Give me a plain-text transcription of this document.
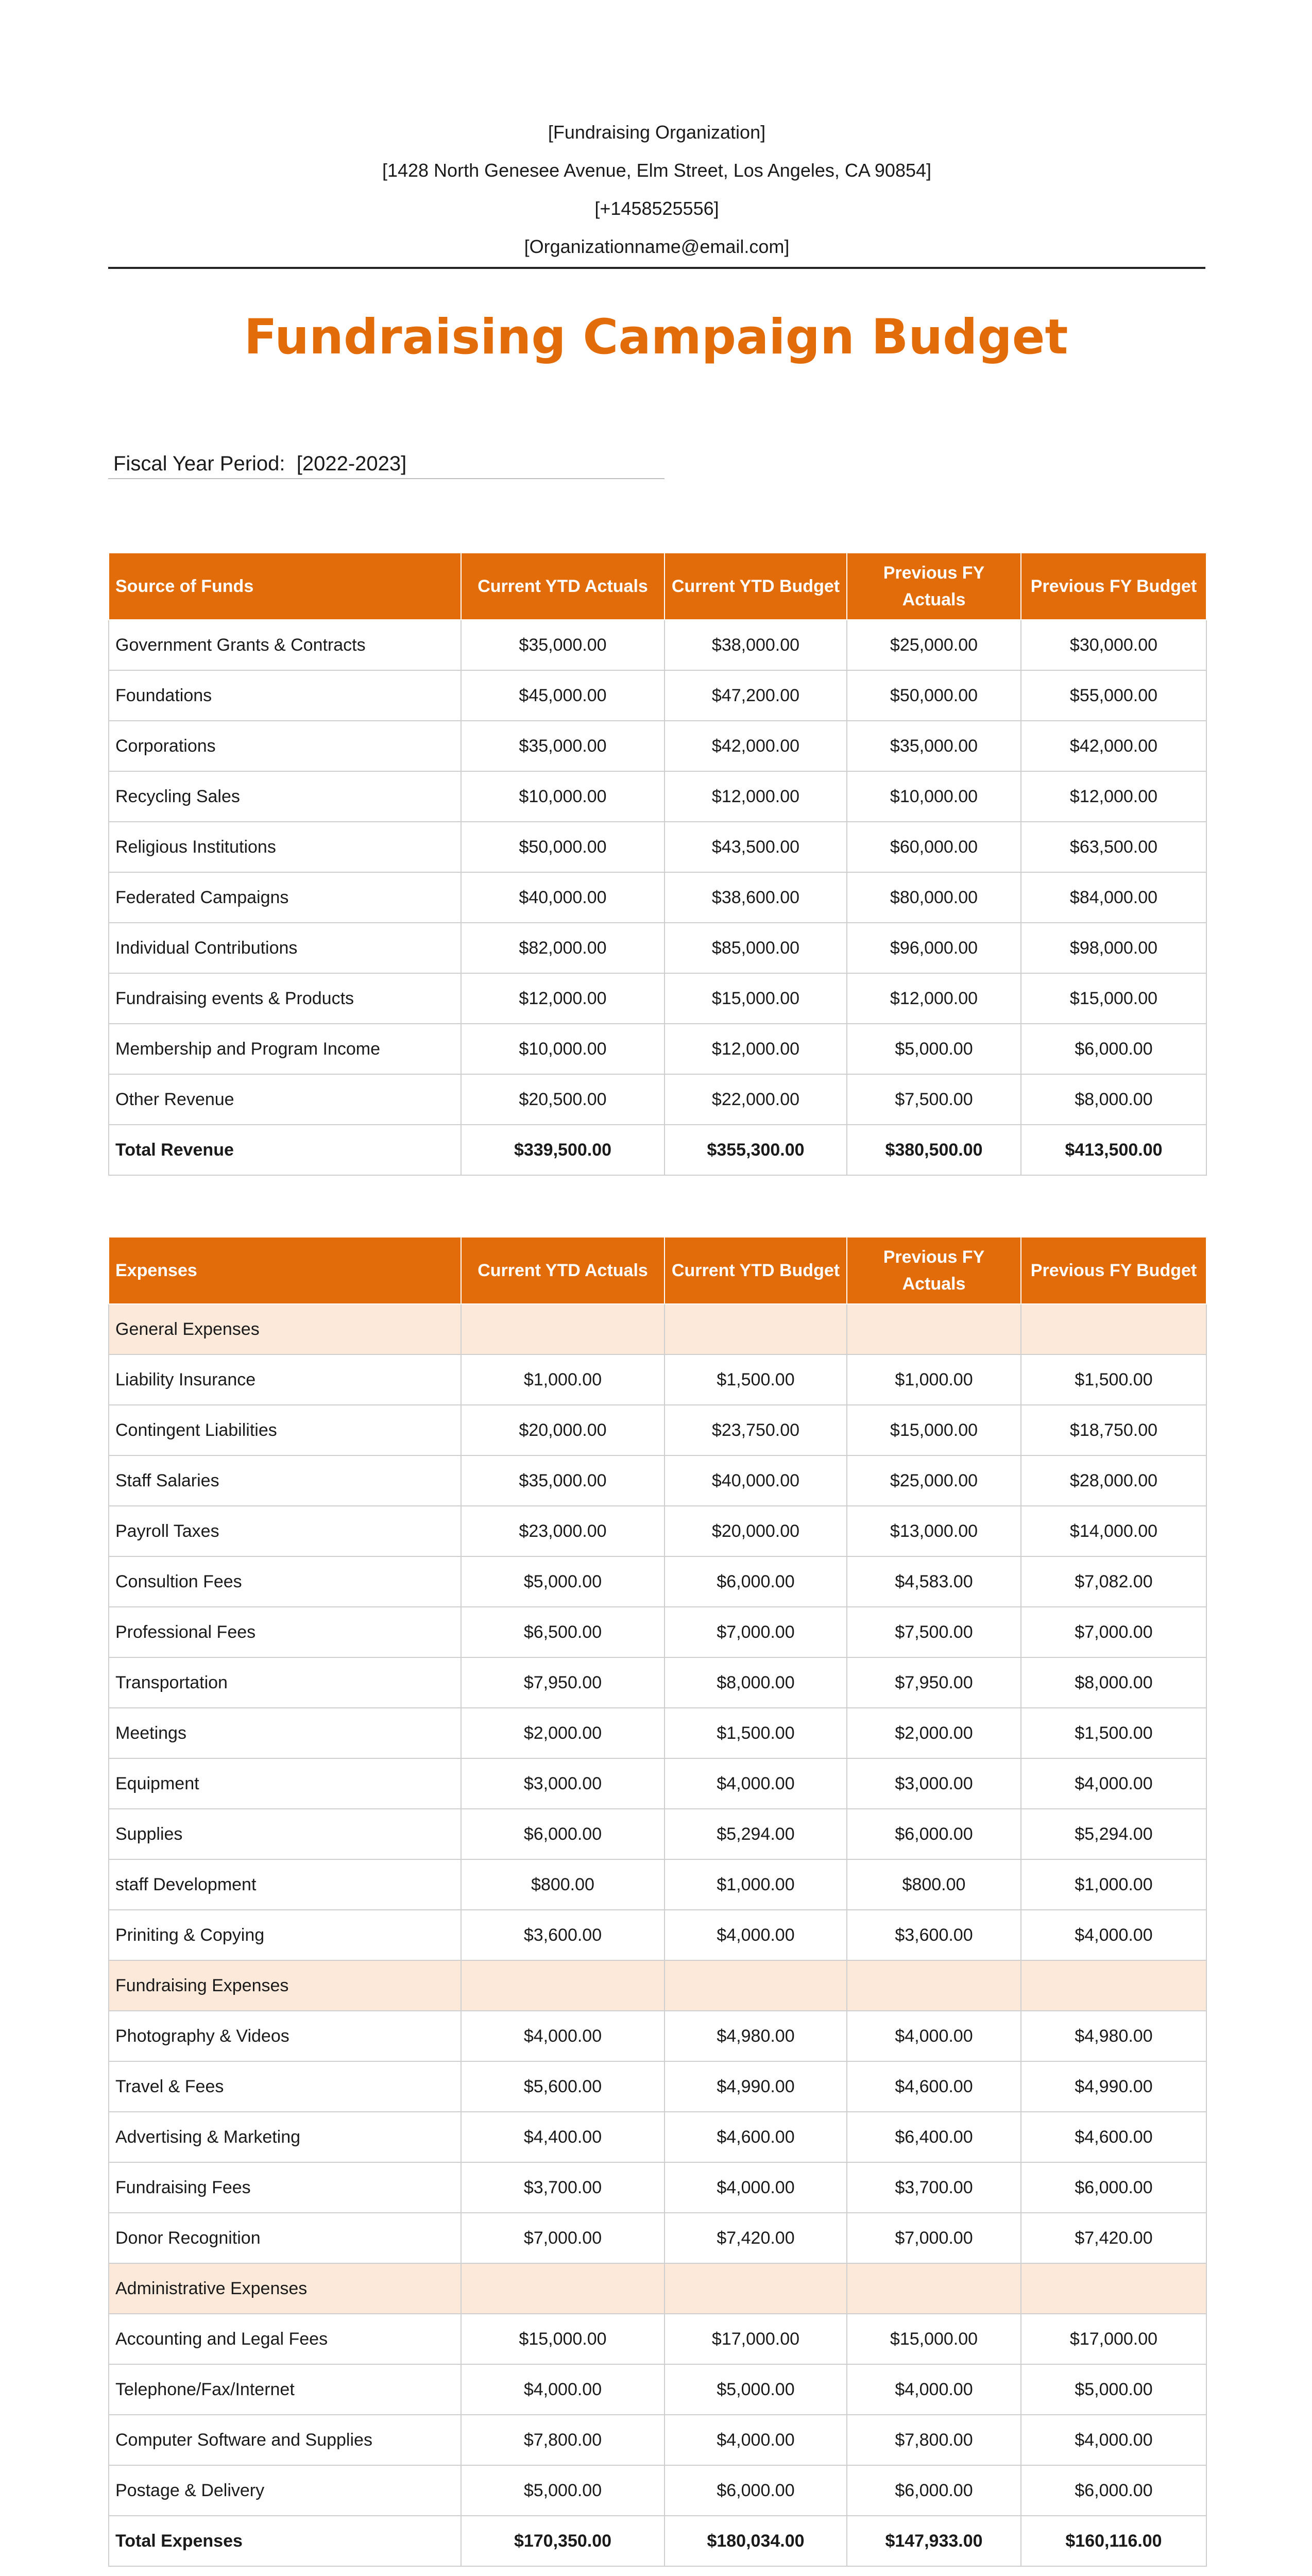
[Fundraising Organization]
[1428 North Genesee Avenue, Elm Street, Los Angeles, CA 90854]
[+1458525556]
[Organizationname@email.com]
Fundraising Campaign Budget
Fiscal Year Period: [2022-2023]
Source of Funds	Current YTD Actuals	Current YTD Budget	Previous FY Actuals	Previous FY Budget
Government Grants & Contracts	$35,000.00	$38,000.00	$25,000.00	$30,000.00
Foundations	$45,000.00	$47,200.00	$50,000.00	$55,000.00
Corporations	$35,000.00	$42,000.00	$35,000.00	$42,000.00
Recycling Sales	$10,000.00	$12,000.00	$10,000.00	$12,000.00
Religious Institutions	$50,000.00	$43,500.00	$60,000.00	$63,500.00
Federated Campaigns	$40,000.00	$38,600.00	$80,000.00	$84,000.00
Individual Contributions	$82,000.00	$85,000.00	$96,000.00	$98,000.00
Fundraising events & Products	$12,000.00	$15,000.00	$12,000.00	$15,000.00
Membership and Program Income	$10,000.00	$12,000.00	$5,000.00	$6,000.00
Other Revenue	$20,500.00	$22,000.00	$7,500.00	$8,000.00
Total Revenue	$339,500.00	$355,300.00	$380,500.00	$413,500.00
Expenses	Current YTD Actuals	Current YTD Budget	Previous FY Actuals	Previous FY Budget
General Expenses				
Liability Insurance	$1,000.00	$1,500.00	$1,000.00	$1,500.00
Contingent Liabilities	$20,000.00	$23,750.00	$15,000.00	$18,750.00
Staff Salaries	$35,000.00	$40,000.00	$25,000.00	$28,000.00
Payroll Taxes	$23,000.00	$20,000.00	$13,000.00	$14,000.00
Consultion Fees	$5,000.00	$6,000.00	$4,583.00	$7,082.00
Professional Fees	$6,500.00	$7,000.00	$7,500.00	$7,000.00
Transportation	$7,950.00	$8,000.00	$7,950.00	$8,000.00
Meetings	$2,000.00	$1,500.00	$2,000.00	$1,500.00
Equipment	$3,000.00	$4,000.00	$3,000.00	$4,000.00
Supplies	$6,000.00	$5,294.00	$6,000.00	$5,294.00
staff Development	$800.00	$1,000.00	$800.00	$1,000.00
Priniting & Copying	$3,600.00	$4,000.00	$3,600.00	$4,000.00
Fundraising Expenses				
Photography & Videos	$4,000.00	$4,980.00	$4,000.00	$4,980.00
Travel & Fees	$5,600.00	$4,990.00	$4,600.00	$4,990.00
Advertising & Marketing	$4,400.00	$4,600.00	$6,400.00	$4,600.00
Fundraising Fees	$3,700.00	$4,000.00	$3,700.00	$6,000.00
Donor Recognition	$7,000.00	$7,420.00	$7,000.00	$7,420.00
Administrative Expenses				
Accounting and Legal Fees	$15,000.00	$17,000.00	$15,000.00	$17,000.00
Telephone/Fax/Internet	$4,000.00	$5,000.00	$4,000.00	$5,000.00
Computer Software and Supplies	$7,800.00	$4,000.00	$7,800.00	$4,000.00
Postage & Delivery	$5,000.00	$6,000.00	$6,000.00	$6,000.00
Total Expenses	$170,350.00	$180,034.00	$147,933.00	$160,116.00
